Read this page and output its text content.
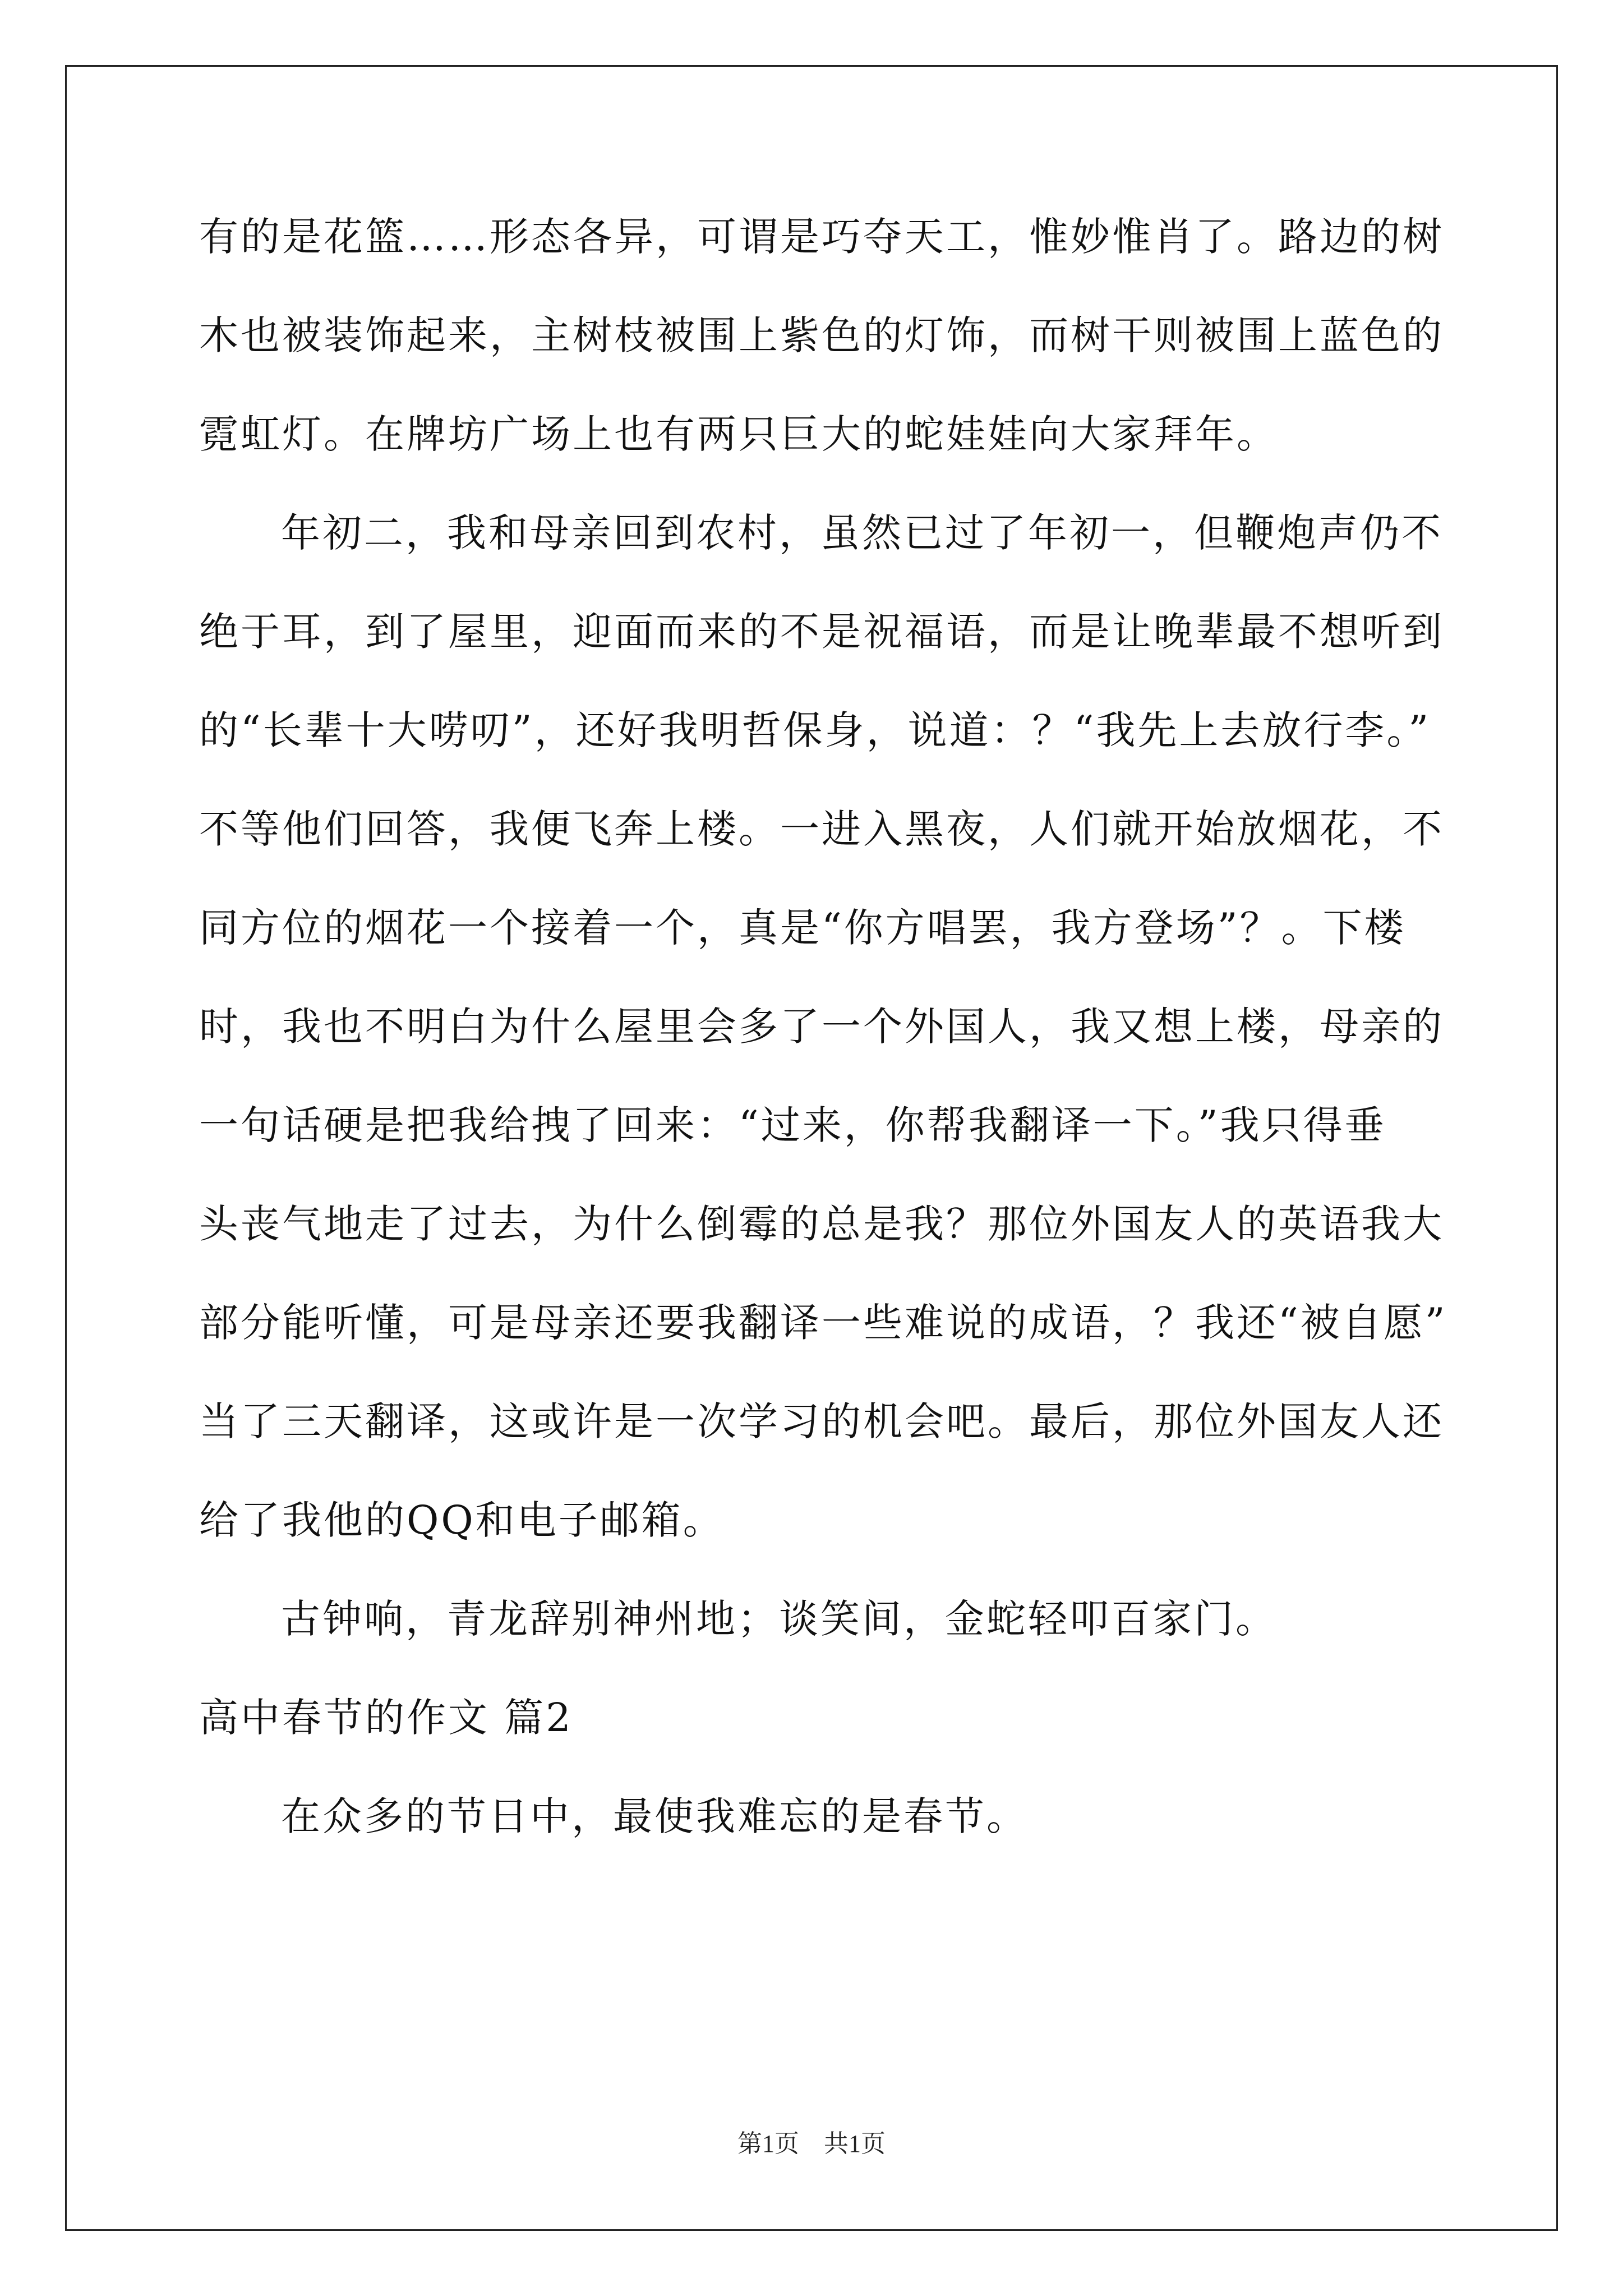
有的是花篮……形态各异，可谓是巧夺天工，惟妙惟肖了。路边的树
木也被装饰起来，主树枝被围上紫色的灯饰，而树干则被围上蓝色的
霓虹灯。在牌坊广场上也有两只巨大的蛇娃娃向大家拜年。
年初二，我和母亲回到农村，虽然已过了年初一，但鞭炮声仍不
绝于耳，到了屋里，迎面而来的不是祝福语，而是让晚辈最不想听到
的“长辈十大唠叨”，还好我明哲保身，说道：？“我先上去放行李。”
不等他们回答，我便飞奔上楼。一进入黑夜，人们就开始放烟花，不
同方位的烟花一个接着一个，真是“你方唱罢，我方登场”？。下楼
时，我也不明白为什么屋里会多了一个外国人，我又想上楼，母亲的
一句话硬是把我给拽了回来：“过来，你帮我翻译一下。”我只得垂
头丧气地走了过去，为什么倒霉的总是我？那位外国友人的英语我大
部分能听懂，可是母亲还要我翻译一些难说的成语，？我还“被自愿”
当了三天翻译，这或许是一次学习的机会吧。最后，那位外国友人还
给了我他的QQ和电子邮箱。
古钟响，青龙辞别神州地；谈笑间，金蛇轻叩百家门。
高中春节的作文 篇2
在众多的节日中，最使我难忘的是春节。
第1页　共1页
